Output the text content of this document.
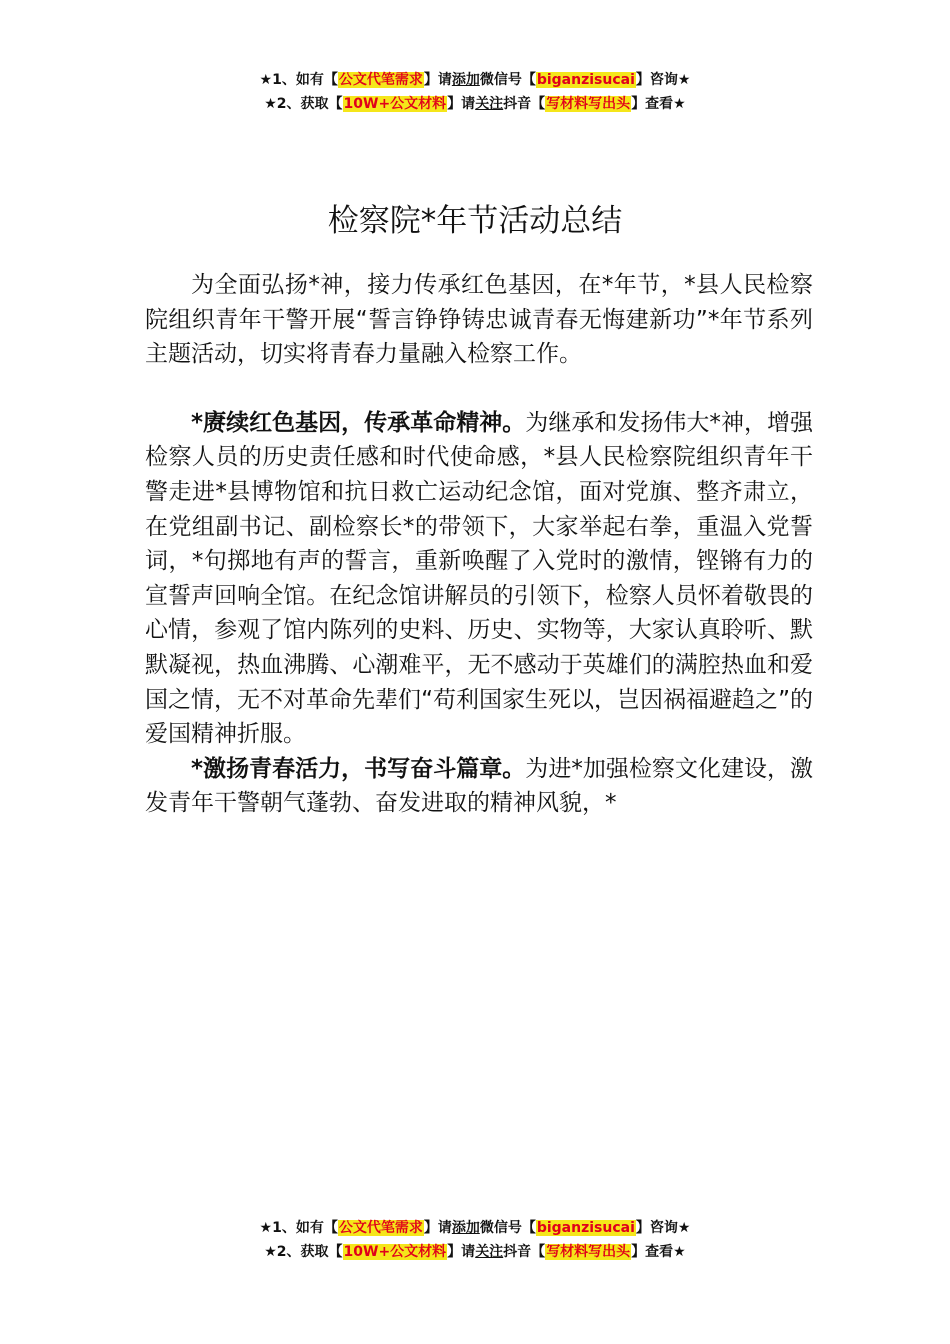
★1、如有【公文代笔需求】请添加微信号【biganzisucai】咨询★
★2、获取【10W+公文材料】请关注抖音【写材料写出头】查看★
检察院*年节活动总结

为全面弘扬*神，接力传承红色基因，在*年节，*县人民检察院组织青年干警开展“誓言铮铮铸忠诚青春无悔建新功”*年节系列主题活动，切实将青春力量融入检察工作。

*赓续红色基因，传承革命精神。为继承和发扬伟大*神，增强检察人员的历史责任感和时代使命感，*县人民检察院组织青年干警走进*县博物馆和抗日救亡运动纪念馆，面对党旗、整齐肃立，在党组副书记、副检察长*的带领下，大家举起右拳，重温入党誓词，*句掷地有声的誓言，重新唤醒了入党时的激情，铿锵有力的宣誓声回响全馆。在纪念馆讲解员的引领下，检察人员怀着敬畏的心情，参观了馆内陈列的史料、历史、实物等，大家认真聆听、默默凝视，热血沸腾、心潮难平，无不感动于英雄们的满腔热血和爱国之情，无不对革命先辈们“苟利国家生死以，岂因祸福避趋之”的爱国精神折服。

*激扬青春活力，书写奋斗篇章。为进*加强检察文化建设，激发青年干警朝气蓬勃、奋发进取的精神风貌，*

★1、如有【公文代笔需求】请添加微信号【biganzisucai】咨询★
★2、获取【10W+公文材料】请关注抖音【写材料写出头】查看★
